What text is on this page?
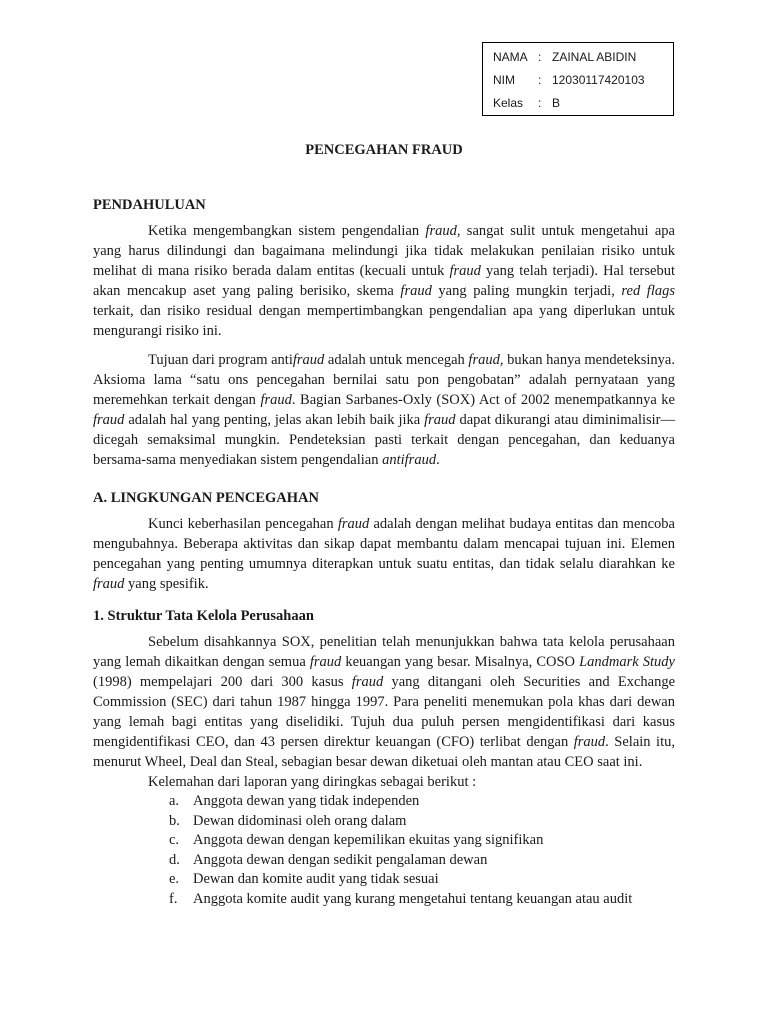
NAMA : ZAINAL ABIDIN
NIM : 12030117420103
Kelas : B
PENCEGAHAN FRAUD
PENDAHULUAN

Ketika mengembangkan sistem pengendalian fraud, sangat sulit untuk mengetahui apa yang harus dilindungi dan bagaimana melindungi jika tidak melakukan penilaian risiko untuk melihat di mana risiko berada dalam entitas (kecuali untuk fraud yang telah terjadi). Hal tersebut akan mencakup aset yang paling berisiko, skema fraud yang paling mungkin terjadi, red flags terkait, dan risiko residual dengan mempertimbangkan pengendalian apa yang diperlukan untuk mengurangi risiko ini.

Tujuan dari program antifraud adalah untuk mencegah fraud, bukan hanya mendeteksinya. Aksioma lama “satu ons pencegahan bernilai satu pon pengobatan” adalah pernyataan yang meremehkan terkait dengan fraud. Bagian Sarbanes-Oxly (SOX) Act of 2002 menempatkannya ke fraud adalah hal yang penting, jelas akan lebih baik jika fraud dapat dikurangi atau diminimalisir—dicegah semaksimal mungkin. Pendeteksian pasti terkait dengan pencegahan, dan keduanya bersama-sama menyediakan sistem pengendalian antifraud.

A. LINGKUNGAN PENCEGAHAN

Kunci keberhasilan pencegahan fraud adalah dengan melihat budaya entitas dan mencoba mengubahnya. Beberapa aktivitas dan sikap dapat membantu dalam mencapai tujuan ini. Elemen pencegahan yang penting umumnya diterapkan untuk suatu entitas, dan tidak selalu diarahkan ke fraud yang spesifik.

1. Struktur Tata Kelola Perusahaan

Sebelum disahkannya SOX, penelitian telah menunjukkan bahwa tata kelola perusahaan yang lemah dikaitkan dengan semua fraud keuangan yang besar. Misalnya, COSO Landmark Study (1998) mempelajari 200 dari 300 kasus fraud yang ditangani oleh Securities and Exchange Commission (SEC) dari tahun 1987 hingga 1997. Para peneliti menemukan pola khas dari dewan yang lemah bagi entitas yang diselidiki. Tujuh dua puluh persen mengidentifikasi dari kasus mengidentifikasi CEO, dan 43 persen direktur keuangan (CFO) terlibat dengan fraud. Selain itu, menurut Wheel, Deal dan Steal, sebagian besar dewan diketuai oleh mantan atau CEO saat ini.

Kelemahan dari laporan yang diringkas sebagai berikut :
a. Anggota dewan yang tidak independen
b. Dewan didominasi oleh orang dalam
c. Anggota dewan dengan kepemilikan ekuitas yang signifikan
d. Anggota dewan dengan sedikit pengalaman dewan
e. Dewan dan komite audit yang tidak sesuai
f. Anggota komite audit yang kurang mengetahui tentang keuangan atau audit
